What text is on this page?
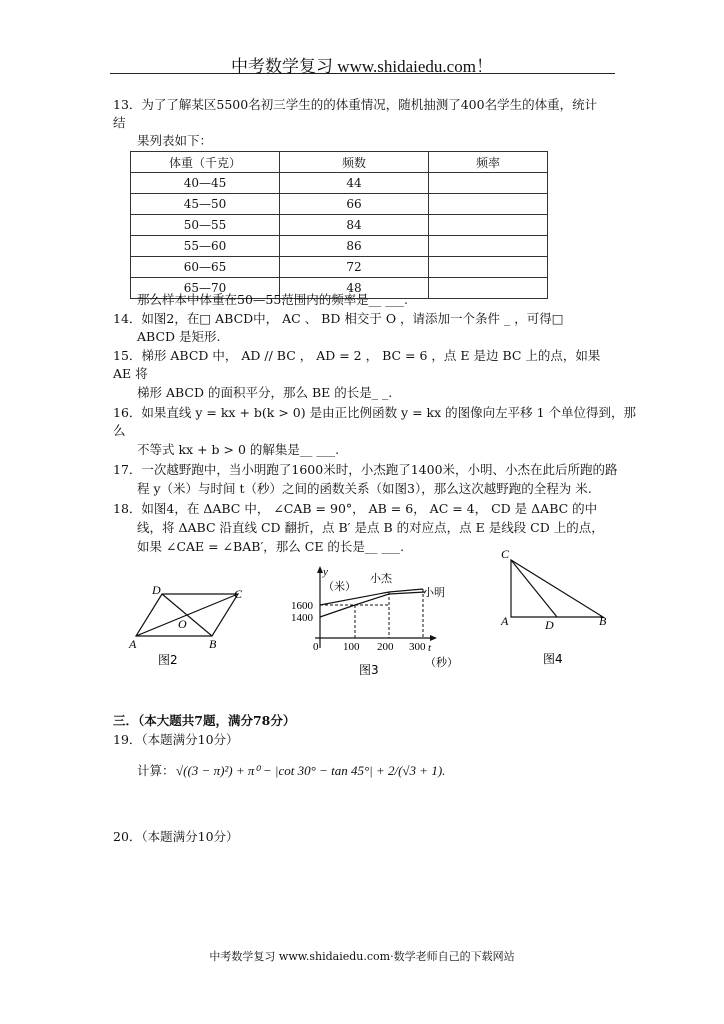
中考数学复习 www.shidaiedu.com！
13．为了了解某区5500名初三学生的的体重情况，随机抽测了400名学生的体重，统计
结
果列表如下：
体重（千克）	频数	频率
40—45	44	
45—50	66	
50—55	84	
55—60	86	
60—65	72	
65—70	48	
那么样本中体重在50—55范围内的频率是__ ___.
14．如图2，在□ ABCD中， AC 、 BD 相交于 O ，请添加一个条件 _ ，可得□
ABCD 是矩形.
15．梯形 ABCD 中， AD // BC ， AD = 2 ， BC = 6 ，点 E 是边 BC 上的点，如果
AE 将
梯形 ABCD 的面积平分，那么 BE 的长是_ _.
16．如果直线 y = kx + b(k > 0) 是由正比例函数 y = kx 的图像向左平移 1 个单位得到，那
么
不等式 kx + b > 0 的解集是__ ___.
17．一次越野跑中，当小明跑了1600米时，小杰跑了1400米，小明、小杰在此后所跑的路
程 y（米）与时间 t（秒）之间的函数关系（如图3），那么这次越野跑的全程为 米.
18．如图4，在 ΔABC 中， ∠CAB = 90°， AB = 6， AC = 4， CD 是 ΔABC 的中
线，将 ΔABC 沿直线 CD 翻折，点 B′ 是点 B 的对应点，点 E 是线段 CD 上的点，
如果 ∠CAE = ∠BAB′，那么 CE 的长是__ ___.
D	C
O
A	B
图2
y
（米）
小杰
小明
1600
1400
0 100 200 300 t
（秒）
图3
C
A	D	B
图4
三．（本大题共7题，满分78分）
19．（本题满分10分）
计算： √((3 − π)²) + π⁰ − |cot 30° − tan 45°| + 2/(√3 + 1).
20．（本题满分10分）
中考数学复习 www.shidaiedu.com·数学老师自己的下载网站
